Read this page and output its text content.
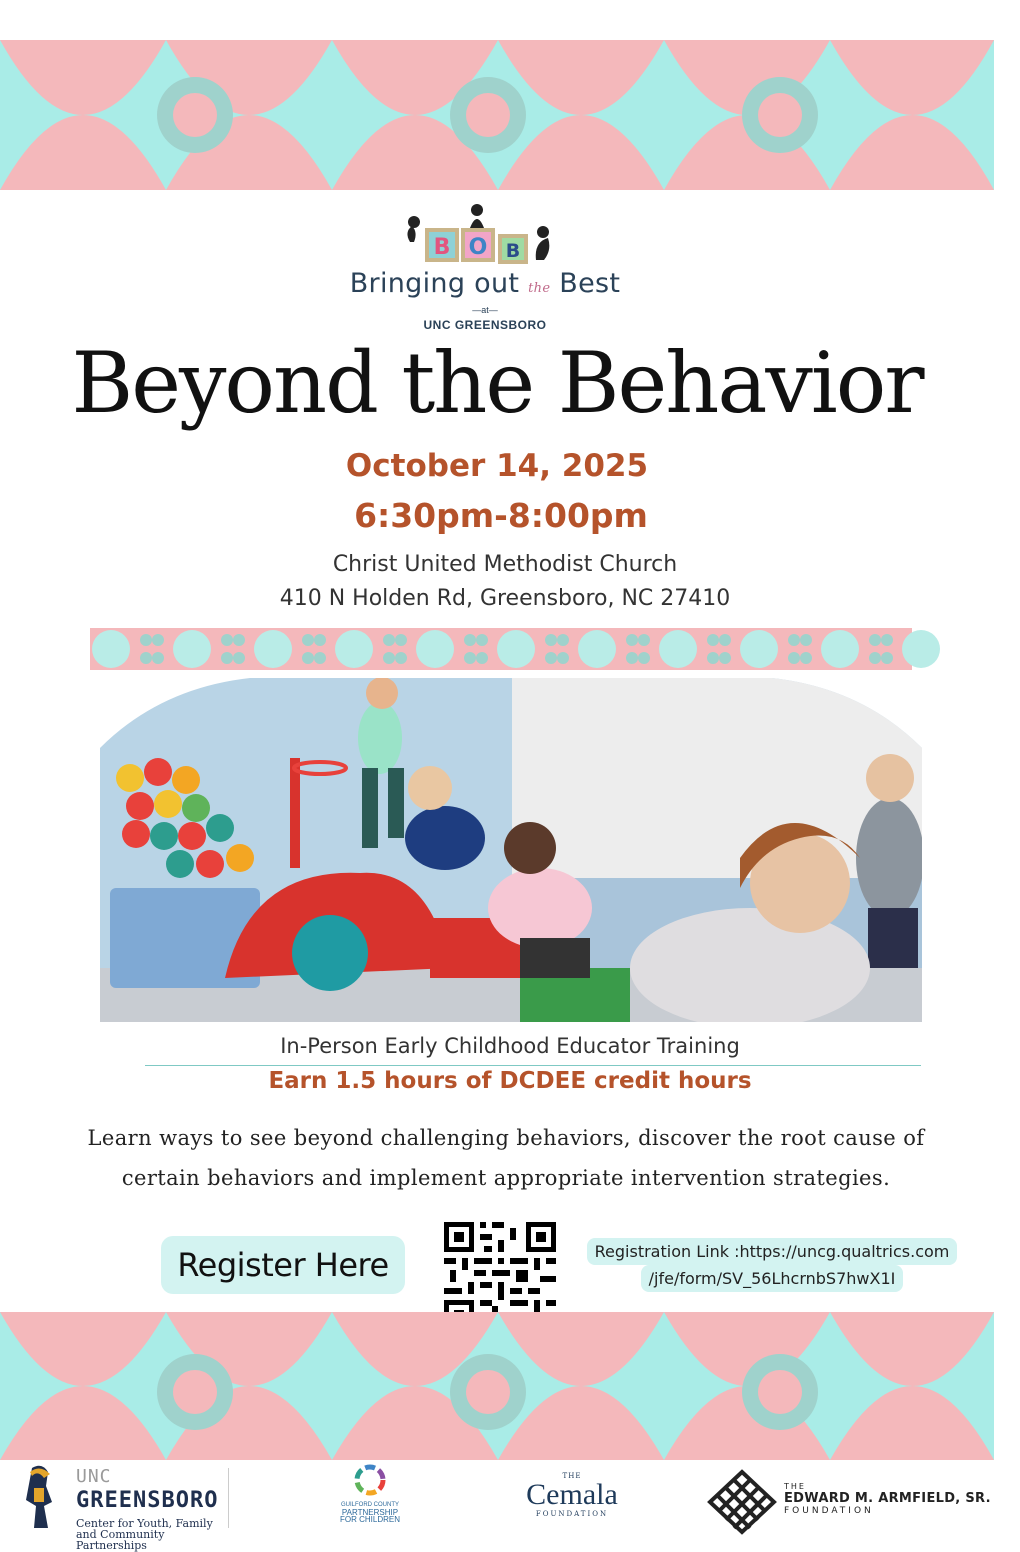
B O B
Bringing out the Best
—at—
UNC GREENSBORO
Beyond the Behavior
October 14, 2025
6:30pm-8:00pm
Christ United Methodist Church
410 N Holden Rd, Greensboro, NC 27410
In-Person Early Childhood Educator Training
Earn 1.5 hours of DCDEE credit hours

Learn ways to see beyond challenging behaviors, discover the root cause of certain behaviors and implement appropriate intervention strategies.

Register Here	Registration Link :https://uncg.qualtrics.com
/jfe/form/SV_56LhcrnbS7hwX1I
UNC
GREENSBORO
Center for Youth, Family
and Community Partnerships
GUILFORD COUNTY
PARTNERSHIP
FOR CHILDREN
THE
Cemala
FOUNDATION
THE
EDWARD M. ARMFIELD, SR.
FOUNDATION
